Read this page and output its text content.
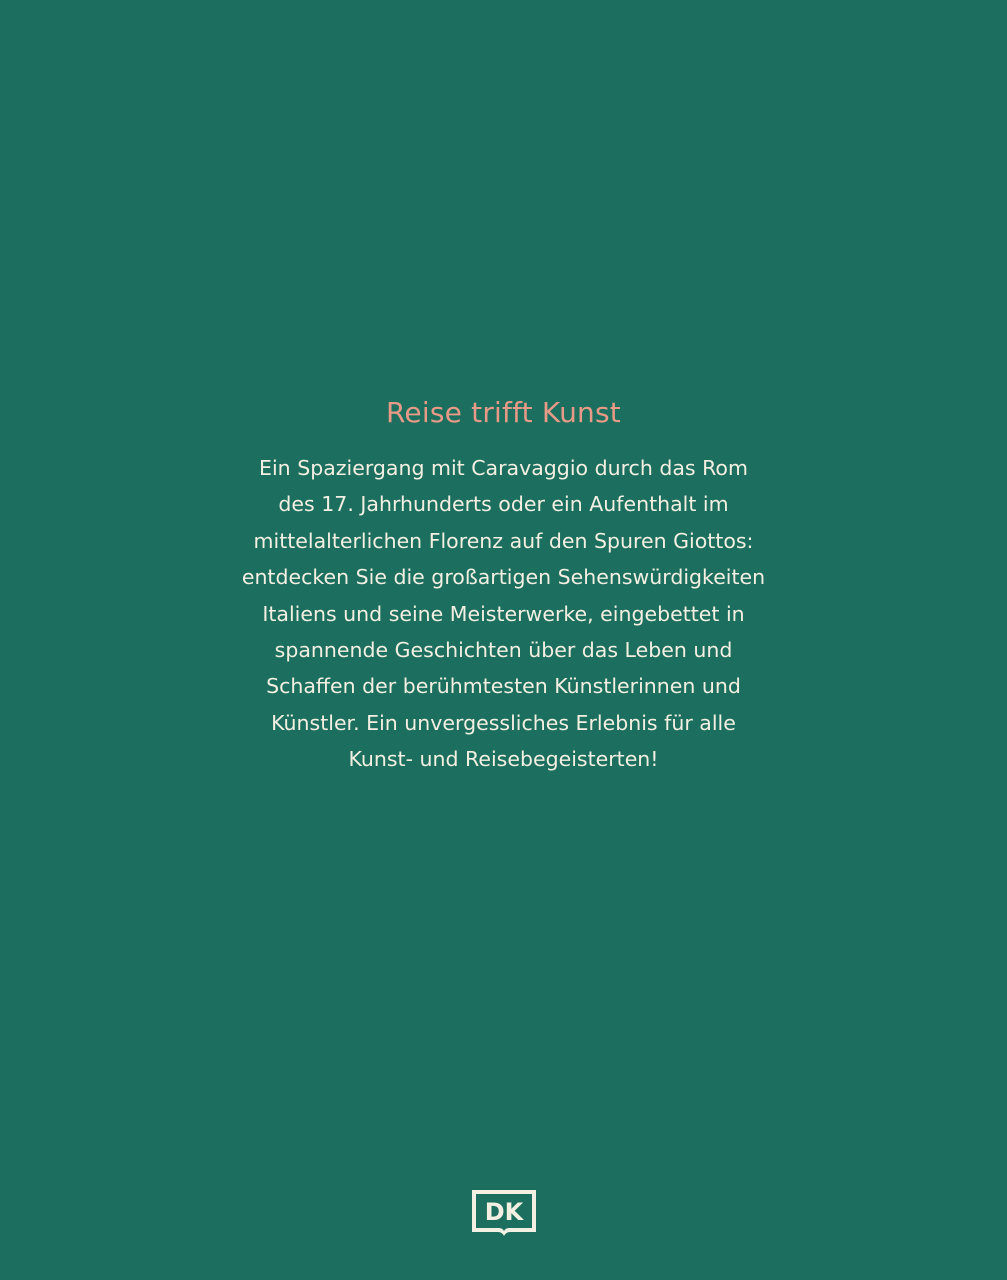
Reise trifft Kunst
Ein Spaziergang mit Caravaggio durch das Rom
des 17. Jahrhunderts oder ein Aufenthalt im
mittelalterlichen Florenz auf den Spuren Giottos:
entdecken Sie die großartigen Sehenswürdigkeiten
Italiens und seine Meisterwerke, eingebettet in
spannende Geschichten über das Leben und
Schaffen der berühmtesten Künstlerinnen und
Künstler. Ein unvergessliches Erlebnis für alle
Kunst- und Reisebegeisterten!
DK
